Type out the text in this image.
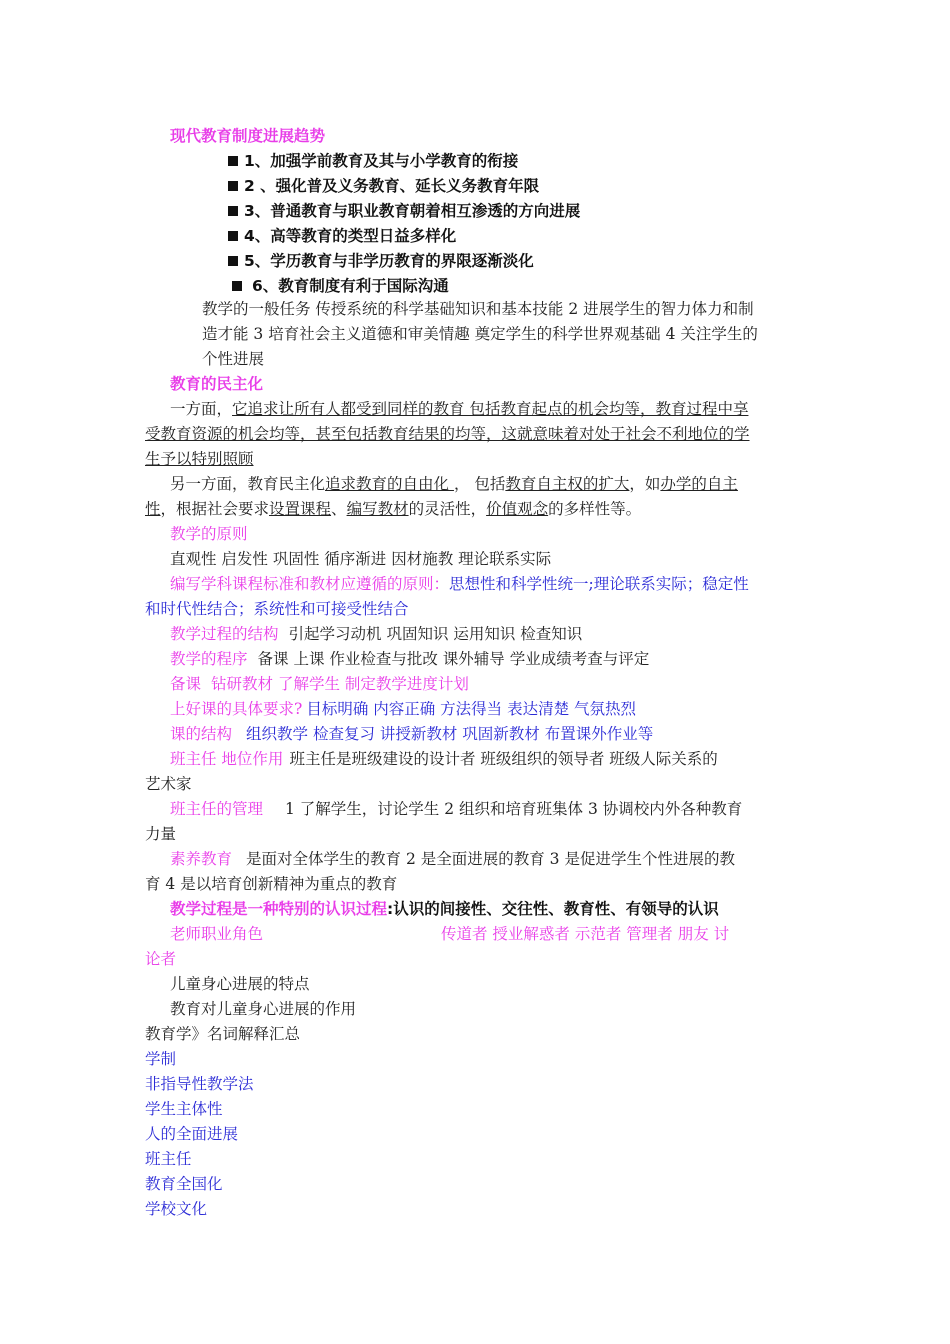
现代教育制度进展趋势
1、加强学前教育及其与小学教育的衔接
2 、强化普及义务教育、延长义务教育年限
3、普通教育与职业教育朝着相互渗透的方向进展
4、高等教育的类型日益多样化
5、学历教育与非学历教育的界限逐渐淡化
6、教育制度有利于国际沟通
教学的一般任务 传授系统的科学基础知识和基本技能 2 进展学生的智力体力和制
造才能 3 培育社会主义道德和审美情趣 奠定学生的科学世界观基础 4 关注学生的
个性进展
教育的民主化
一方面，它追求让所有人都受到同样的教育 包括教育起点的机会均等，教育过程中享
受教育资源的机会均等，甚至包括教育结果的均等，这就意味着对处于社会不利地位的学
生予以特别照顾
另一方面，教育民主化追求教育的自由化 ， 包括教育自主权的扩大，如办学的自主
性，根据社会要求设置课程、编写教材的灵活性，价值观念的多样性等。
教学的原则
直观性 启发性 巩固性 循序渐进 因材施教 理论联系实际
编写学科课程标准和教材应遵循的原则：思想性和科学性统一;理论联系实际；稳定性
和时代性结合；系统性和可接受性结合
教学过程的结构 引起学习动机 巩固知识 运用知识 检查知识
教学的程序 备课 上课 作业检查与批改 课外辅导 学业成绩考查与评定
备课 钻研教材 了解学生 制定教学进度计划
上好课的具体要求? 目标明确 内容正确 方法得当 表达清楚 气氛热烈
课的结构 组织教学 检查复习 讲授新教材 巩固新教材 布置课外作业等
班主任 地位作用 班主任是班级建设的设计者 班级组织的领导者 班级人际关系的
艺术家
班主任的管理 1 了解学生，讨论学生 2 组织和培育班集体 3 协调校内外各种教育
力量
素养教育 是面对全体学生的教育 2 是全面进展的教育 3 是促进学生个性进展的教
育 4 是以培育创新精神为重点的教育
教学过程是一种特别的认识过程:认识的间接性、交往性、教育性、有领导的认识
老师职业角色	传道者 授业解惑者 示范者 管理者 朋友 讨
论者
儿童身心进展的特点
教育对儿童身心进展的作用
教育学》名词解释汇总
学制
非指导性教学法
学生主体性
人的全面进展
班主任
教育全国化
学校文化
